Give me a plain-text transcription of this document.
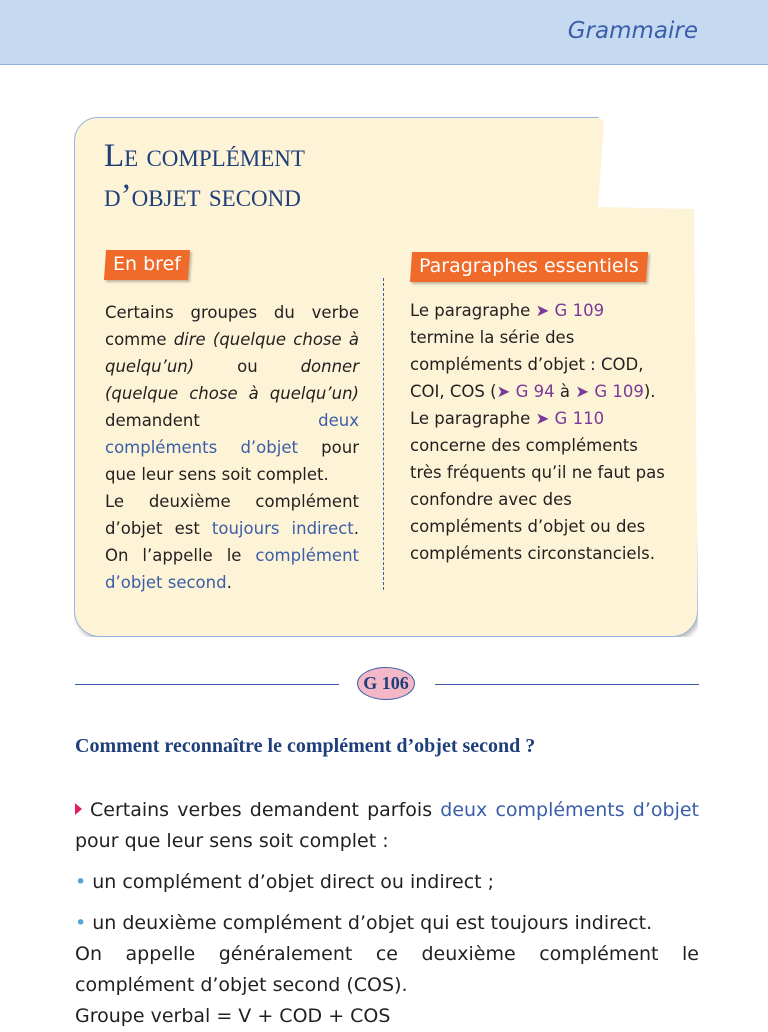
Grammaire
Le complément
d’objet second
En bref	Paragraphes essentiels

Certains groupes du verbe comme dire (quelque chose à quelqu’un) ou donner (quelque chose à quelqu’un) demandent deux compléments d’objet pour que leur sens soit complet.

Le deuxième complément d’objet est toujours indirect. On l’appelle le complément d’objet second.

Le paragraphe ➤ G 109 termine la série des compléments d’objet : COD, COI, COS (➤ G 94 à ➤ G 109).

Le paragraphe ➤ G 110 concerne des compléments très fréquents qu’il ne faut pas confondre avec des compléments d’objet ou des compléments circonstanciels.

G 106
Comment reconnaître le complément d’objet second ?
Certains verbes demandent parfois deux compléments d’objet pour que leur sens soit complet :
• un complément d’objet direct ou indirect ;
• un deuxième complément d’objet qui est toujours indirect.
On appelle généralement ce deuxième complément le complément d’objet second (COS).
Groupe verbal = V + COD + COS
